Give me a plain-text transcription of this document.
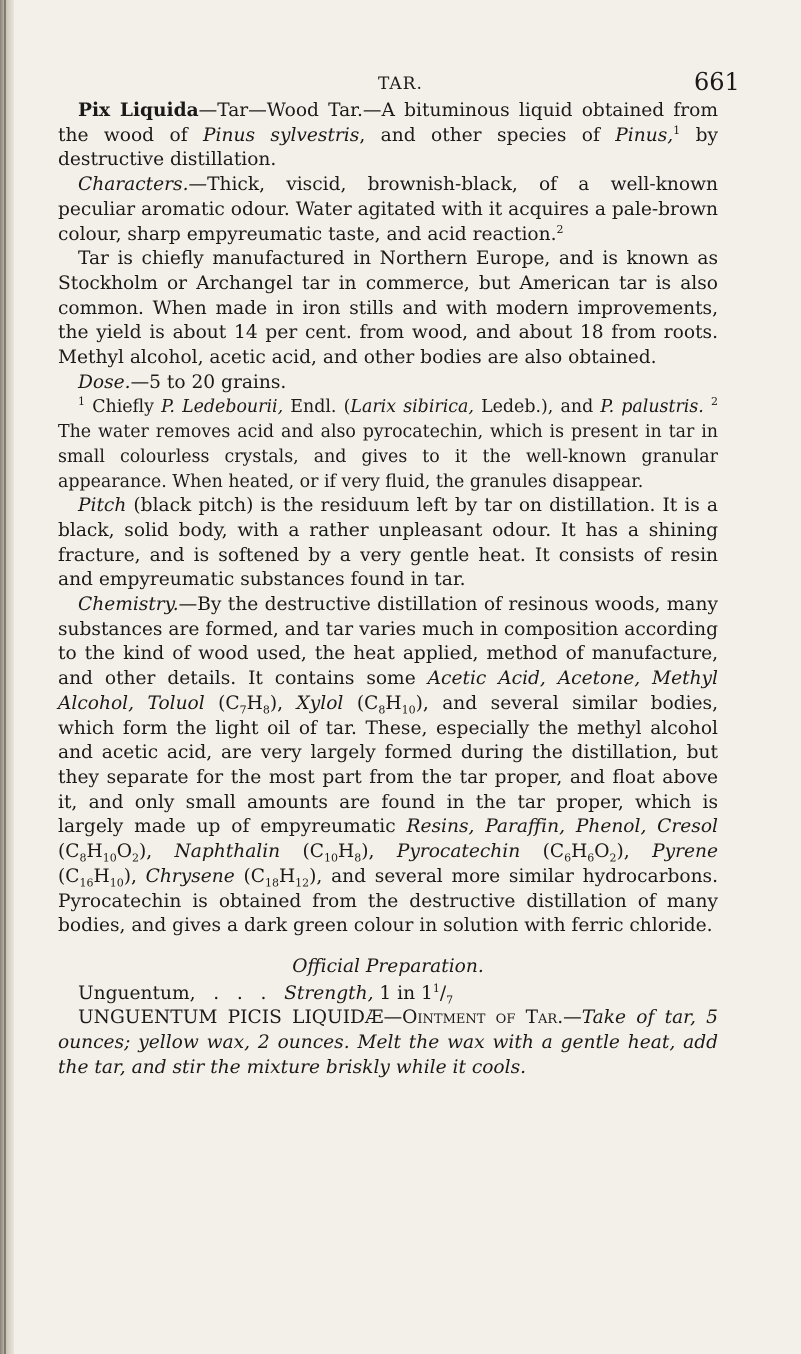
TAR.	661

Pix Liquida—Tar—Wood Tar.—A bituminous liquid obtained from the wood of Pinus sylvestris, and other species of Pinus,$^1$ by destructive distillation.

Characters.—Thick, viscid, brownish-black, of a well-known peculiar aromatic odour. Water agitated with it acquires a pale-brown colour, sharp empyreumatic taste, and acid reaction.$^2$

Tar is chiefly manufactured in Northern Europe, and is known as Stockholm or Archangel tar in commerce, but American tar is also common. When made in iron stills and with modern improvements, the yield is about 14 per cent. from wood, and about 18 from roots. Methyl alcohol, acetic acid, and other bodies are also obtained.

Dose.—5 to 20 grains.

$^1$ Chiefly P. Ledebourii, Endl. (Larix sibirica, Ledeb.), and P. palustris. $^2$ The water removes acid and also pyrocatechin, which is present in tar in small colourless crystals, and gives to it the well-known granular appearance. When heated, or if very fluid, the granules disappear.

Pitch (black pitch) is the residuum left by tar on distillation. It is a black, solid body, with a rather unpleasant odour. It has a shining fracture, and is softened by a very gentle heat. It consists of resin and empyreumatic substances found in tar.

Chemistry.—By the destructive distillation of resinous woods, many substances are formed, and tar varies much in composition according to the kind of wood used, the heat applied, method of manufacture, and other details. It contains some Acetic Acid, Acetone, Methyl Alcohol, Toluol $(C_7H_8)$, Xylol $(C_8H_{10})$, and several similar bodies, which form the light oil of tar. These, especially the methyl alcohol and acetic acid, are very largely formed during the distillation, but they separate for the most part from the tar proper, and float above it, and only small amounts are found in the tar proper, which is largely made up of empyreumatic Resins, Paraffin, Phenol, Cresol $(C_8H_{10}O_2)$, Naphthalin $(C_{10}H_8)$, Pyrocatechin $(C_6H_6O_2)$, Pyrene $(C_{16}H_{10})$, Chrysene $(C_{18}H_{12})$, and several more similar hydrocarbons. Pyrocatechin is obtained from the destructive distillation of many bodies, and gives a dark green colour in solution with ferric chloride.

Official Preparation.

Unguentum,   .   .   .   Strength, 1 in $1^1/_7$

UNGUENTUM PICIS LIQUIDÆ—Ointment of Tar.—Take of tar, 5 ounces; yellow wax, 2 ounces. Melt the wax with a gentle heat, add the tar, and stir the mixture briskly while it cools.
